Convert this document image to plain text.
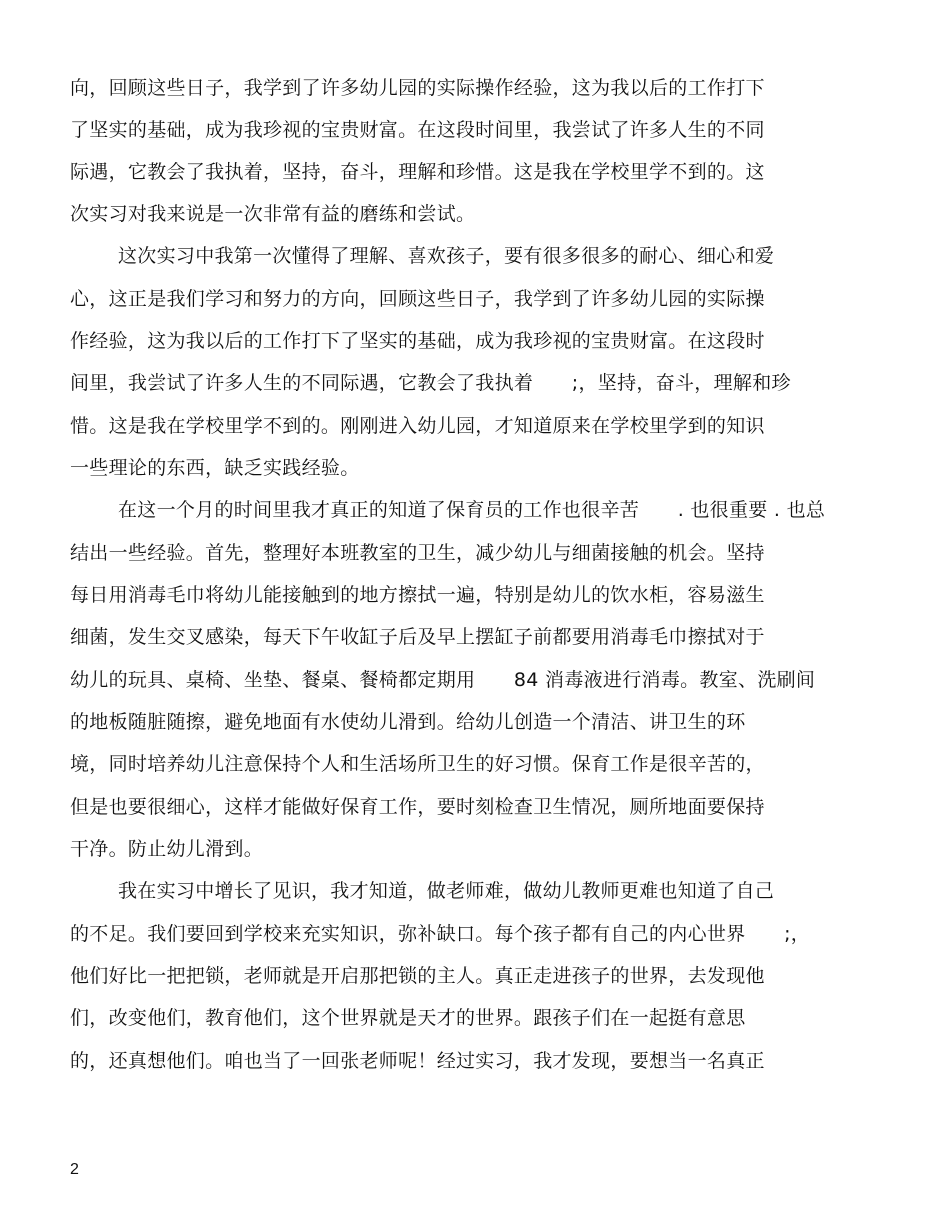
向，回顾这些日子，我学到了许多幼儿园的实际操作经验，这为我以后的工作打下
了坚实的基础，成为我珍视的宝贵财富。在这段时间里，我尝试了许多人生的不同
际遇，它教会了我执着，坚持，奋斗，理解和珍惜。这是我在学校里学不到的。这
次实习对我来说是一次非常有益的磨练和尝试。
这次实习中我第一次懂得了理解、喜欢孩子，要有很多很多的耐心、细心和爱
心，这正是我们学习和努力的方向，回顾这些日子，我学到了许多幼儿园的实际操
作经验，这为我以后的工作打下了坚实的基础，成为我珍视的宝贵财富。在这段时
间里，我尝试了许多人生的不同际遇，它教会了我执着　　;，坚持，奋斗，理解和珍
惜。这是我在学校里学不到的。刚刚进入幼儿园，才知道原来在学校里学到的知识
一些理论的东西，缺乏实践经验。
在这一个月的时间里我才真正的知道了保育员的工作也很辛苦　　. 也很重要 . 也总
结出一些经验。首先，整理好本班教室的卫生，减少幼儿与细菌接触的机会。坚持
每日用消毒毛巾将幼儿能接触到的地方擦拭一遍，特别是幼儿的饮水柜，容易滋生
细菌，发生交叉感染，每天下午收缸子后及早上摆缸子前都要用消毒毛巾擦拭对于
幼儿的玩具、桌椅、坐垫、餐桌、餐椅都定期用　　84 消毒液进行消毒。教室、洗刷间
的地板随脏随擦，避免地面有水使幼儿滑到。给幼儿创造一个清洁、讲卫生的环
境，同时培养幼儿注意保持个人和生活场所卫生的好习惯。保育工作是很辛苦的，
但是也要很细心，这样才能做好保育工作，要时刻检查卫生情况，厕所地面要保持
干净。防止幼儿滑到。
我在实习中增长了见识，我才知道，做老师难，做幼儿教师更难也知道了自己
的不足。我们要回到学校来充实知识，弥补缺口。每个孩子都有自己的内心世界　　;，
他们好比一把把锁，老师就是开启那把锁的主人。真正走进孩子的世界，去发现他
们，改变他们，教育他们，这个世界就是天才的世界。跟孩子们在一起挺有意思
的，还真想他们。咱也当了一回张老师呢！经过实习，我才发现，要想当一名真正
2
